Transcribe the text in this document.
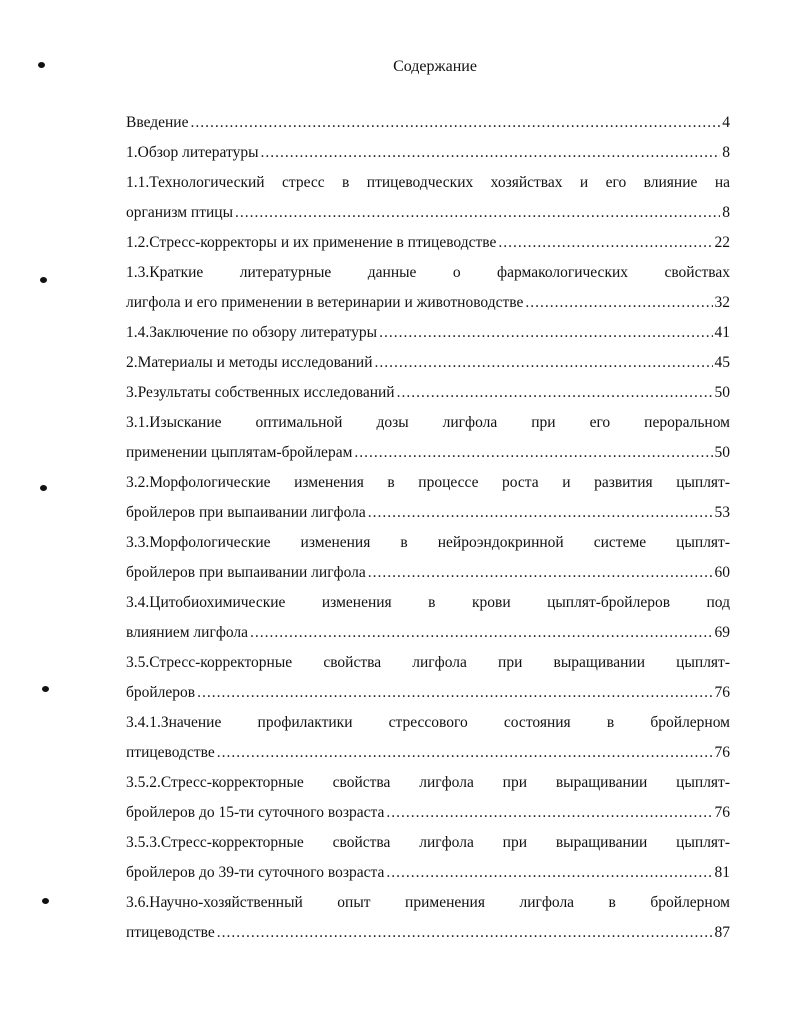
Содержание
Введение .....	4
1.Обзор литературы .....	8
1.1.Технологический стресс в птицеводческих хозяйствах и его влияние на
организм птицы .....	8
1.2.Стресс-корректоры и их применение в птицеводстве .....	22
1.3.Краткие литературные данные о фармакологических свойствах
лигфола и его применении в ветеринарии и животноводстве .....	32
1.4.Заключение по обзору литературы .....	41
2.Материалы и методы исследований .....	45
3.Результаты собственных исследований .....	50
3.1.Изыскание оптимальной дозы лигфола при его пероральном
применении цыплятам-бройлерам .....	50
3.2.Морфологические изменения в процессе роста и развития цыплят-
бройлеров при выпаивании лигфола .....	53
3.3.Морфологические изменения в нейроэндокринной системе цыплят-
бройлеров при выпаивании лигфола .....	60
3.4.Цитобиохимические изменения в крови цыплят-бройлеров под
влиянием лигфола .....	69
3.5.Стресс-корректорные свойства лигфола при выращивании цыплят-
бройлеров .....	76
3.4.1.Значение профилактики стрессового состояния в бройлерном
птицеводстве .....	76
3.5.2.Стресс-корректорные свойства лигфола при выращивании цыплят-
бройлеров до 15-ти суточного возраста .....	76
3.5.3.Стресс-корректорные свойства лигфола при выращивании цыплят-
бройлеров до 39-ти суточного возраста .....	81
3.6.Научно-хозяйственный опыт применения лигфола в бройлерном
птицеводстве .....	87
